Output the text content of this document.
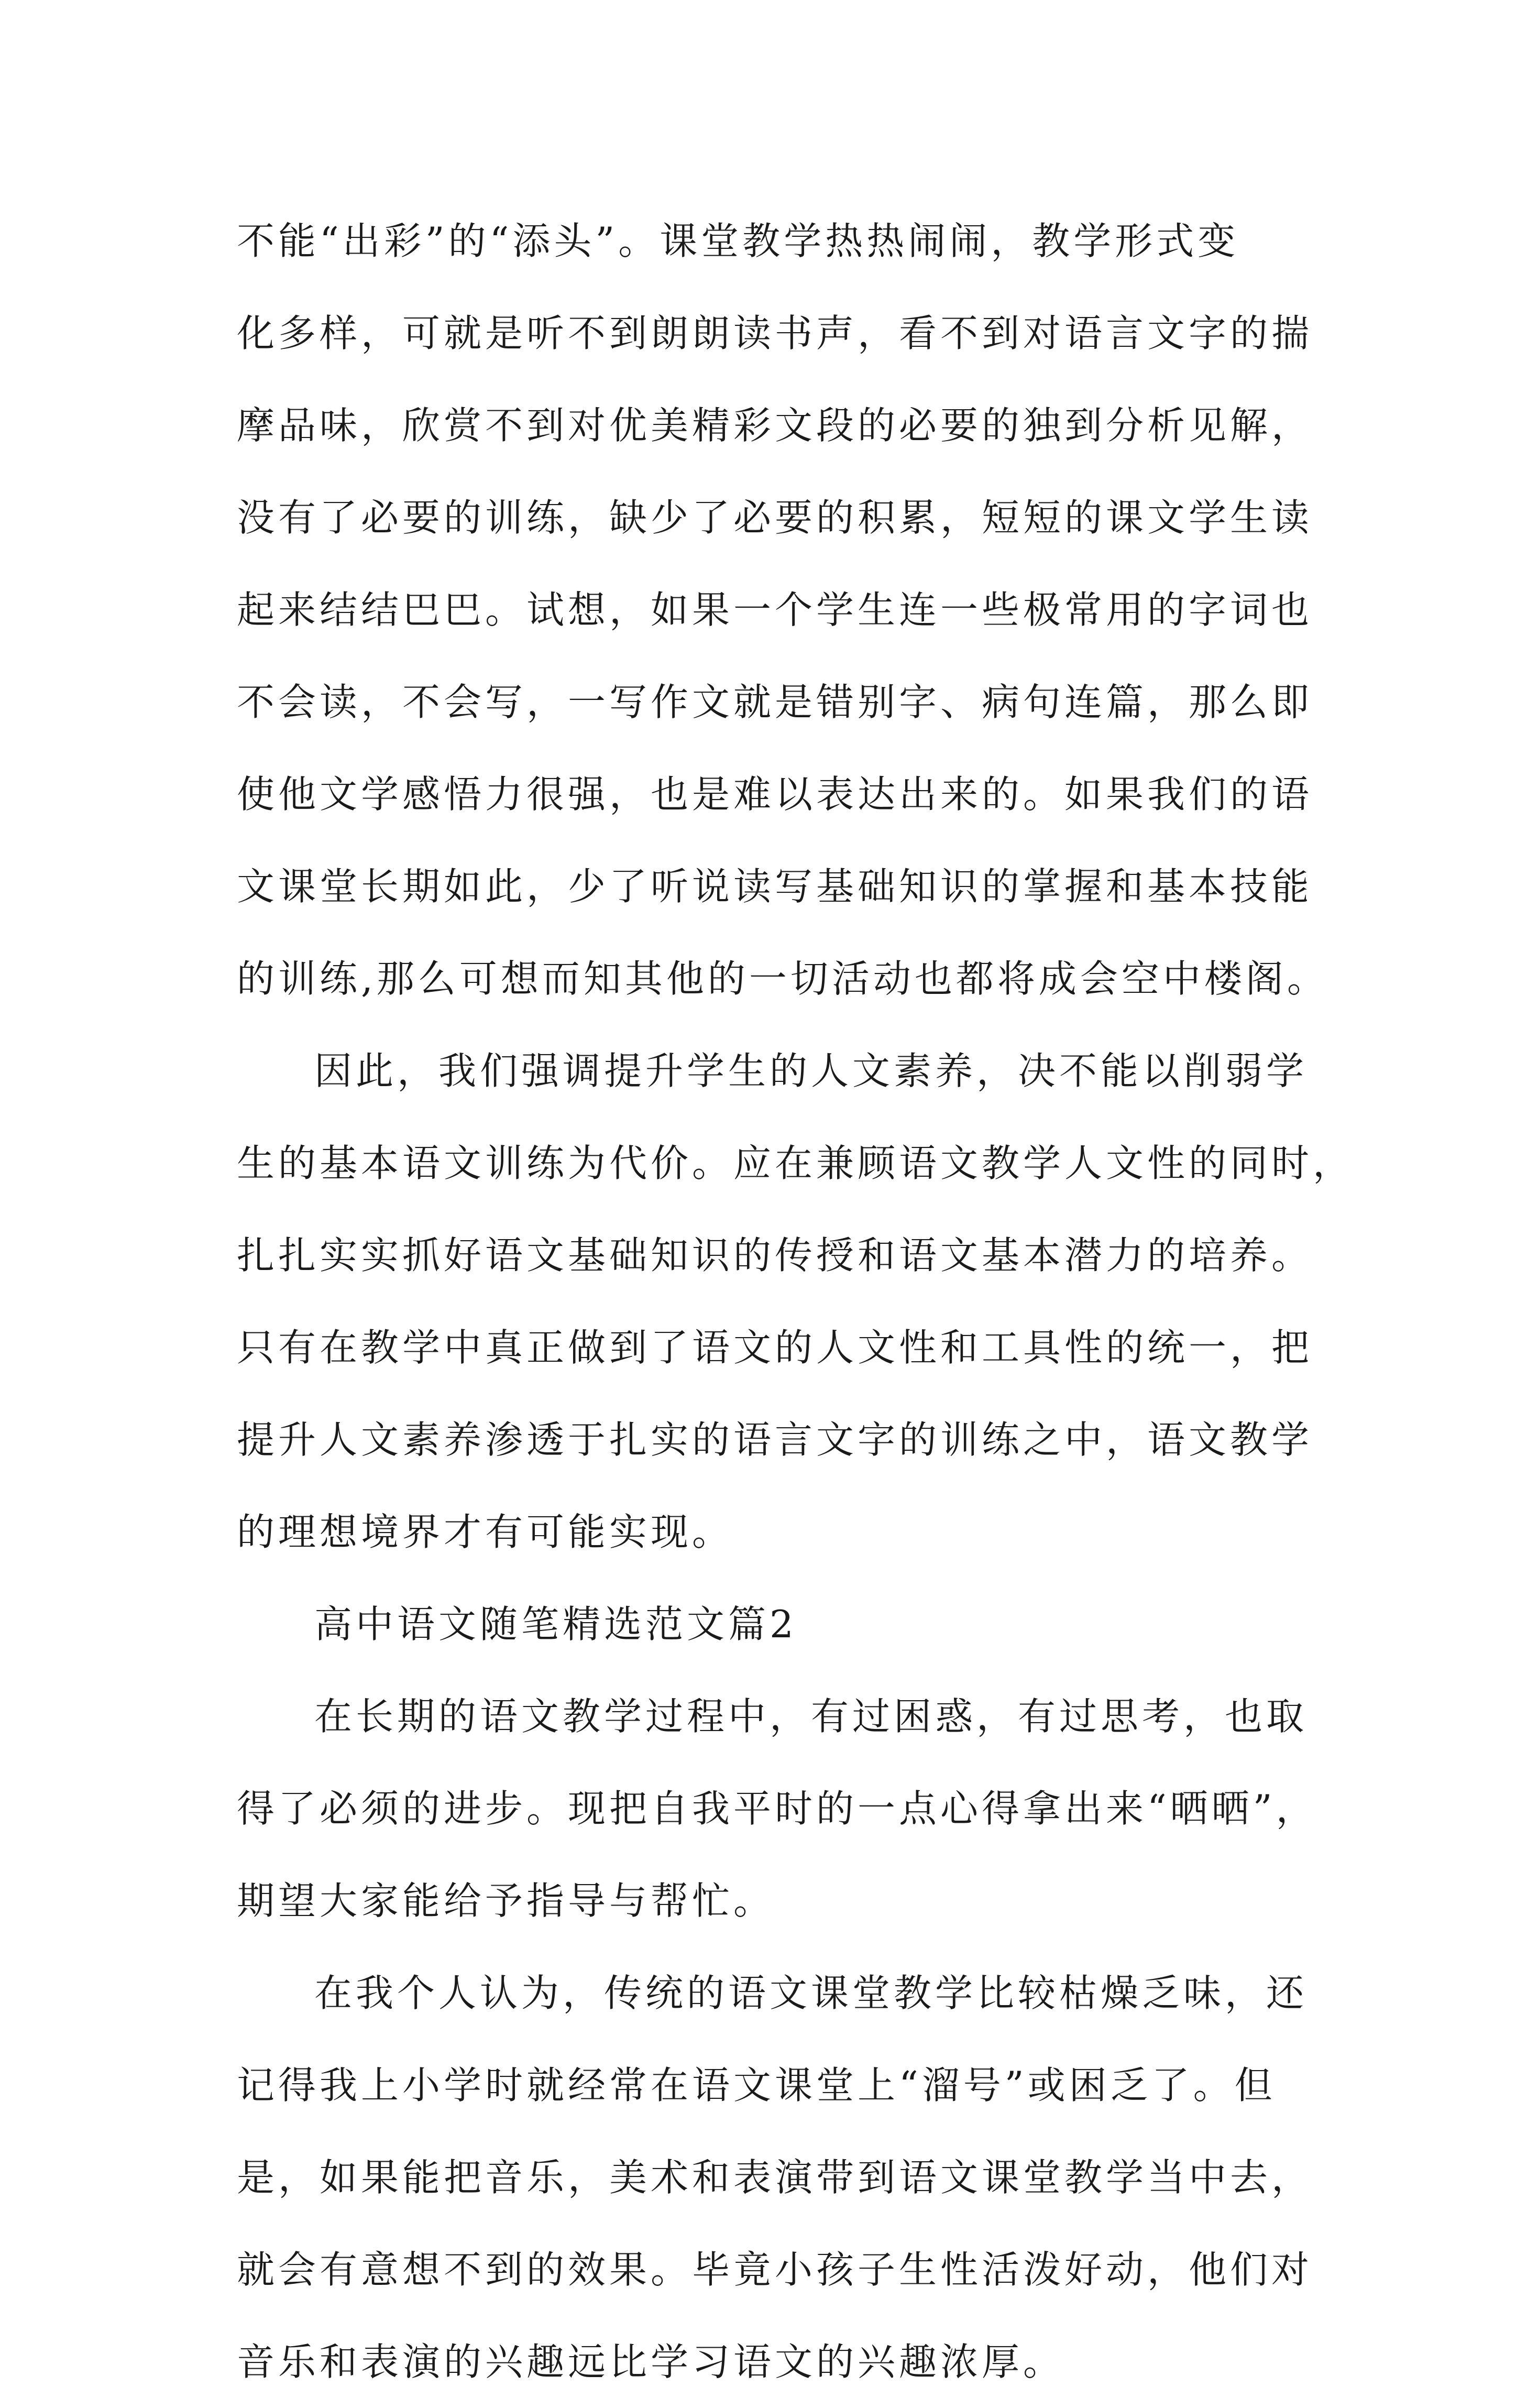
不能“出彩”的“添头”。课堂教学热热闹闹，教学形式变
化多样，可就是听不到朗朗读书声，看不到对语言文字的揣
摩品味，欣赏不到对优美精彩文段的必要的独到分析见解，
没有了必要的训练，缺少了必要的积累，短短的课文学生读
起来结结巴巴。试想，如果一个学生连一些极常用的字词也
不会读，不会写，一写作文就是错别字、病句连篇，那么即
使他文学感悟力很强，也是难以表达出来的。如果我们的语
文课堂长期如此，少了听说读写基础知识的掌握和基本技能
的训练,那么可想而知其他的一切活动也都将成会空中楼阁。
因此，我们强调提升学生的人文素养，决不能以削弱学
生的基本语文训练为代价。应在兼顾语文教学人文性的同时，
扎扎实实抓好语文基础知识的传授和语文基本潜力的培养。
只有在教学中真正做到了语文的人文性和工具性的统一，把
提升人文素养渗透于扎实的语言文字的训练之中，语文教学
的理想境界才有可能实现。
高中语文随笔精选范文篇2
在长期的语文教学过程中，有过困惑，有过思考，也取
得了必须的进步。现把自我平时的一点心得拿出来“晒晒”，
期望大家能给予指导与帮忙。
在我个人认为，传统的语文课堂教学比较枯燥乏味，还
记得我上小学时就经常在语文课堂上“溜号”或困乏了。但
是，如果能把音乐，美术和表演带到语文课堂教学当中去，
就会有意想不到的效果。毕竟小孩子生性活泼好动，他们对
音乐和表演的兴趣远比学习语文的兴趣浓厚。
